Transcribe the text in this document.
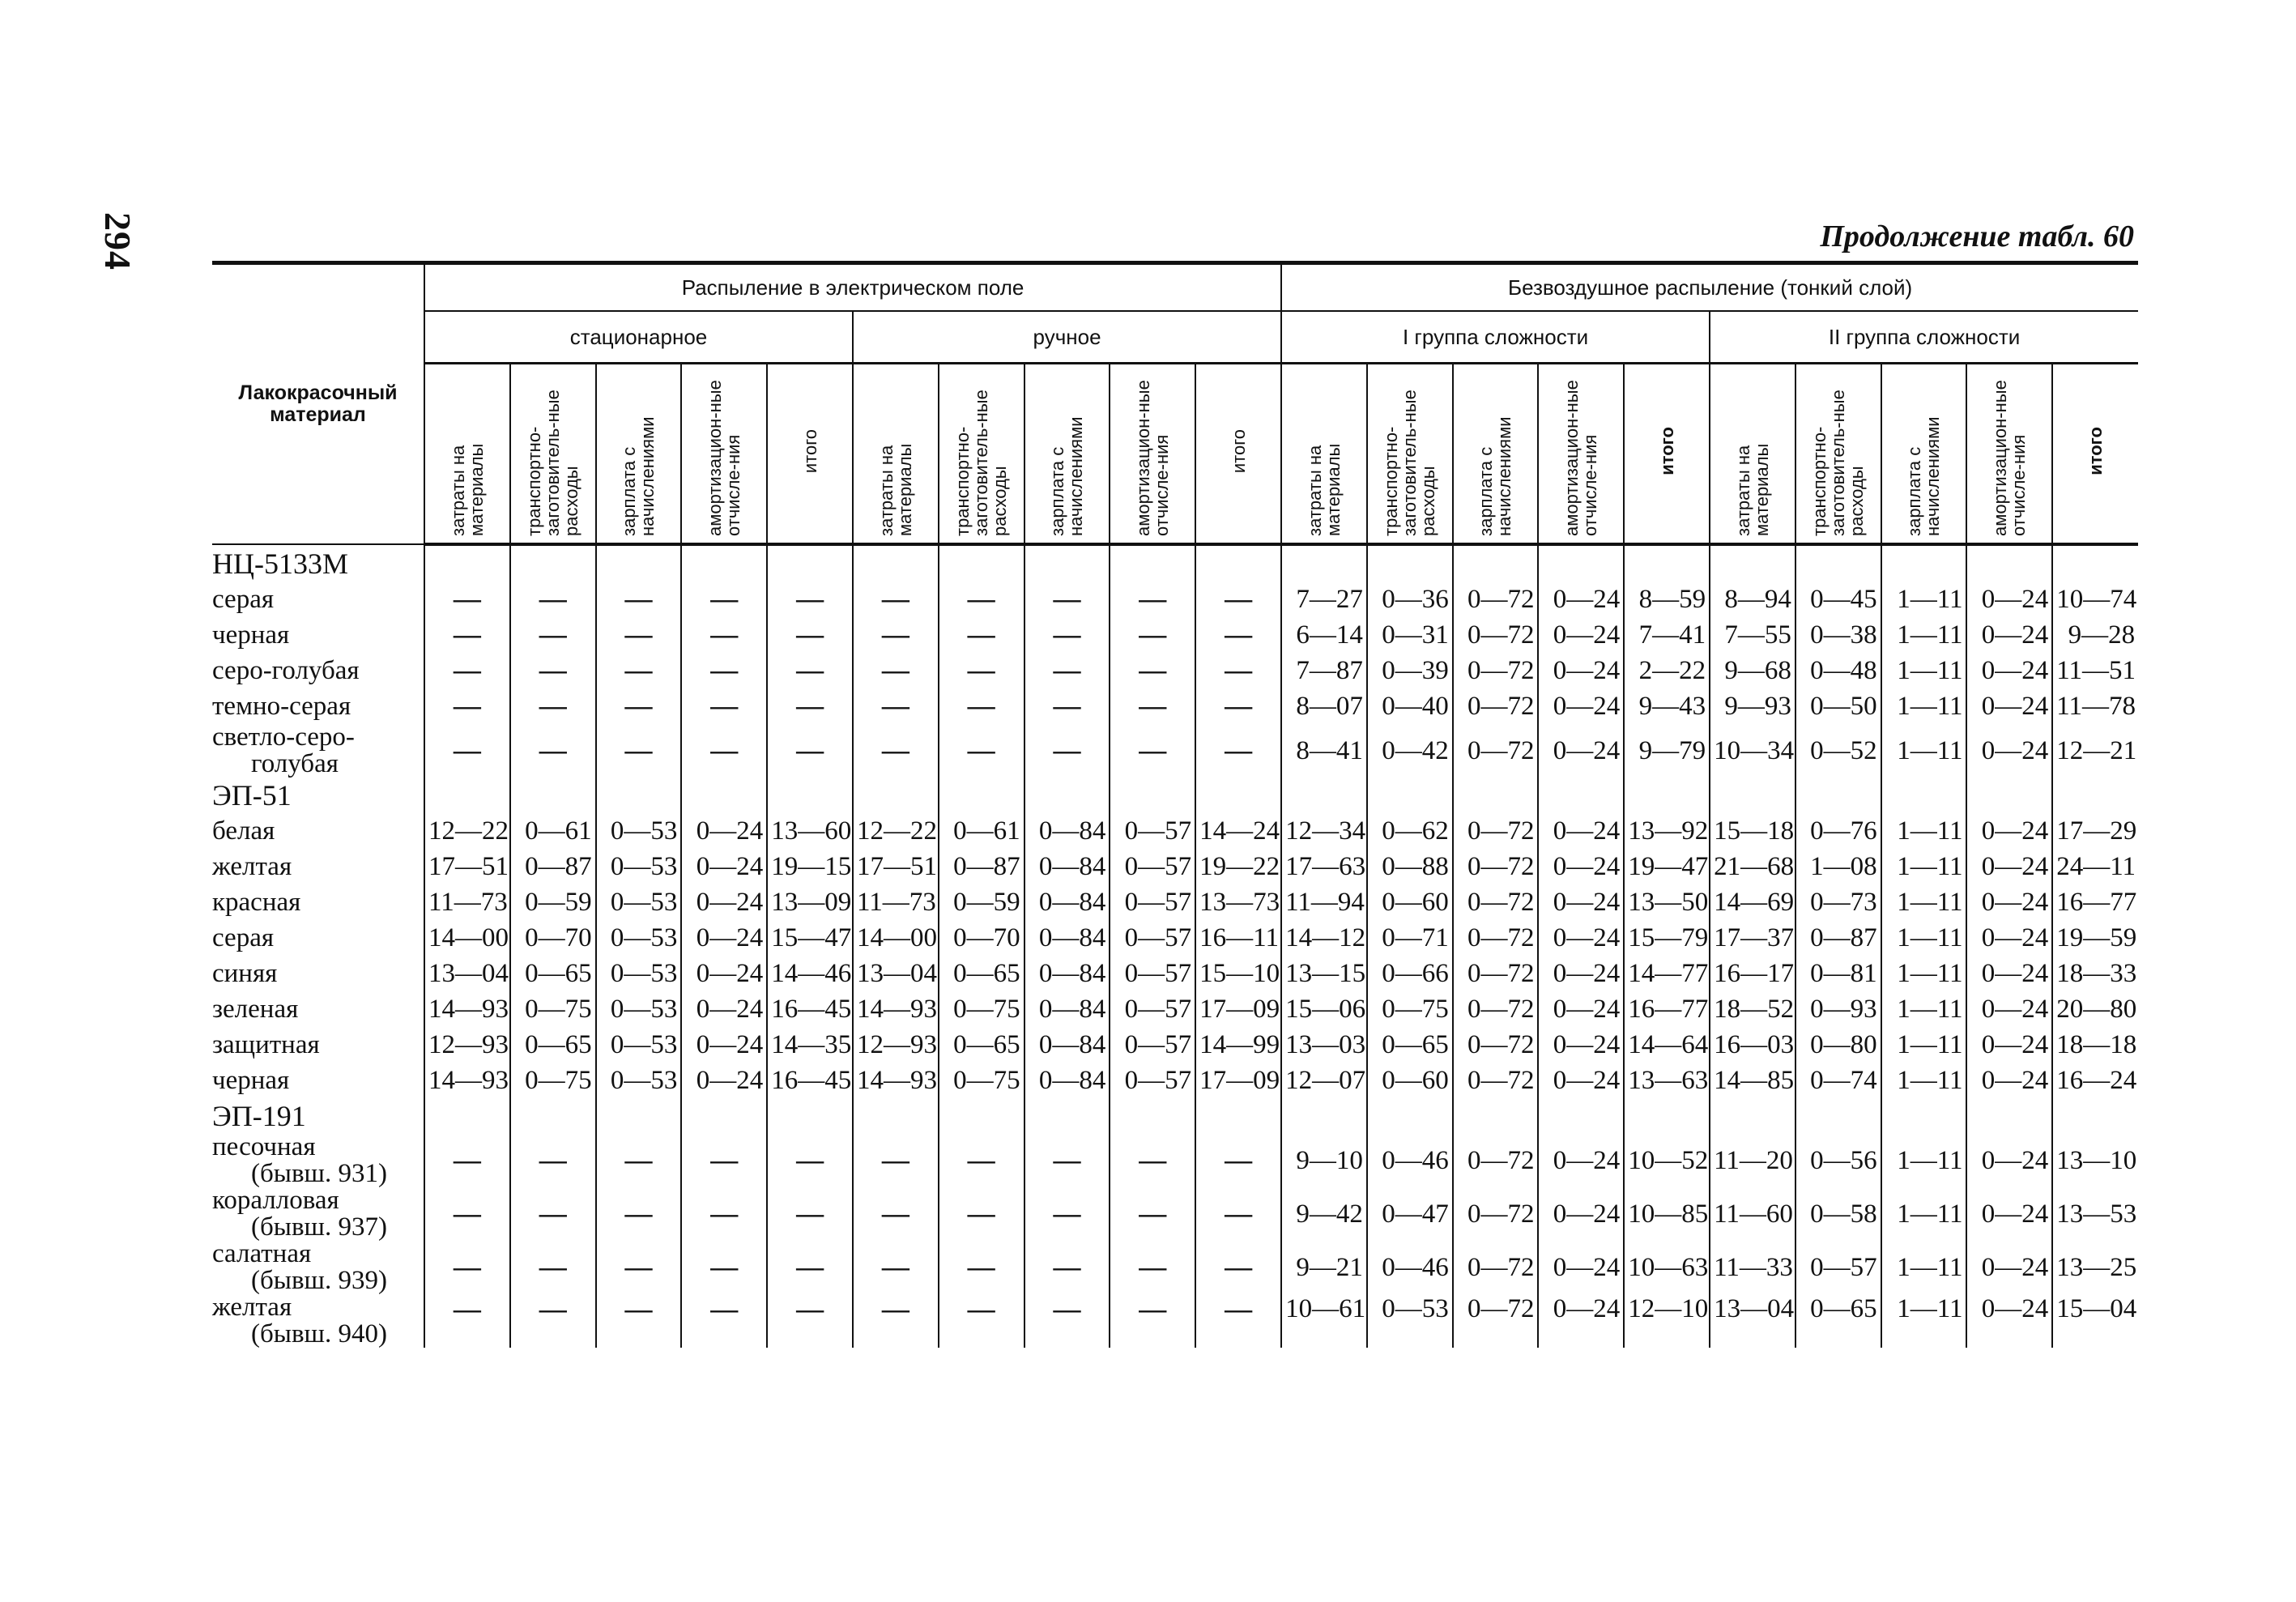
294	Продолжение табл. 60
Лакокрасочный материал	Распыление в электрическом поле										Безвоздушное распыление (тонкий слой)									
	стационарное					ручное					I группа сложности					II группа сложности				
	затраты на материалы	транспортно-заготовитель-ные расходы	зарплата с начислениями	амортизацион-ные отчисле-ния	итого	затраты на материалы	транспортно-заготовитель-ные расходы	зарплата с начислениями	амортизацион-ные отчисле-ния	итого	затраты на материалы	транспортно-заготовитель-ные расходы	зарплата с начислениями	амортизацион-ные отчисле-ния	итого	затраты на материалы	транспортно-заготовитель-ные расходы	зарплата с начислениями	амортизацион-ные отчисле-ния	итого
НЦ-5133М																				
серая	—	—	—	—	—	—	—	—	—	—	7—27	0—36	0—72	0—24	8—59	8—94	0—45	1—11	0—24	10—74
черная	—	—	—	—	—	—	—	—	—	—	6—14	0—31	0—72	0—24	7—41	7—55	0—38	1—11	0—24	9—28
серо-голубая	—	—	—	—	—	—	—	—	—	—	7—87	0—39	0—72	0—24	2—22	9—68	0—48	1—11	0—24	11—51
темно-серая	—	—	—	—	—	—	—	—	—	—	8—07	0—40	0—72	0—24	9—43	9—93	0—50	1—11	0—24	11—78
светло-серо-
голубая	—	—	—	—	—	—	—	—	—	—	8—41	0—42	0—72	0—24	9—79	10—34	0—52	1—11	0—24	12—21
ЭП-51																				
белая	12—22	0—61	0—53	0—24	13—60	12—22	0—61	0—84	0—57	14—24	12—34	0—62	0—72	0—24	13—92	15—18	0—76	1—11	0—24	17—29
желтая	17—51	0—87	0—53	0—24	19—15	17—51	0—87	0—84	0—57	19—22	17—63	0—88	0—72	0—24	19—47	21—68	1—08	1—11	0—24	24—11
красная	11—73	0—59	0—53	0—24	13—09	11—73	0—59	0—84	0—57	13—73	11—94	0—60	0—72	0—24	13—50	14—69	0—73	1—11	0—24	16—77
серая	14—00	0—70	0—53	0—24	15—47	14—00	0—70	0—84	0—57	16—11	14—12	0—71	0—72	0—24	15—79	17—37	0—87	1—11	0—24	19—59
синяя	13—04	0—65	0—53	0—24	14—46	13—04	0—65	0—84	0—57	15—10	13—15	0—66	0—72	0—24	14—77	16—17	0—81	1—11	0—24	18—33
зеленая	14—93	0—75	0—53	0—24	16—45	14—93	0—75	0—84	0—57	17—09	15—06	0—75	0—72	0—24	16—77	18—52	0—93	1—11	0—24	20—80
защитная	12—93	0—65	0—53	0—24	14—35	12—93	0—65	0—84	0—57	14—99	13—03	0—65	0—72	0—24	14—64	16—03	0—80	1—11	0—24	18—18
черная	14—93	0—75	0—53	0—24	16—45	14—93	0—75	0—84	0—57	17—09	12—07	0—60	0—72	0—24	13—63	14—85	0—74	1—11	0—24	16—24
ЭП-191																				
песочная
(бывш. 931)	—	—	—	—	—	—	—	—	—	—	9—10	0—46	0—72	0—24	10—52	11—20	0—56	1—11	0—24	13—10
коралловая
(бывш. 937)	—	—	—	—	—	—	—	—	—	—	9—42	0—47	0—72	0—24	10—85	11—60	0—58	1—11	0—24	13—53
салатная
(бывш. 939)	—	—	—	—	—	—	—	—	—	—	9—21	0—46	0—72	0—24	10—63	11—33	0—57	1—11	0—24	13—25
желтая
(бывш. 940)	—	—	—	—	—	—	—	—	—	—	10—61	0—53	0—72	0—24	12—10	13—04	0—65	1—11	0—24	15—04
